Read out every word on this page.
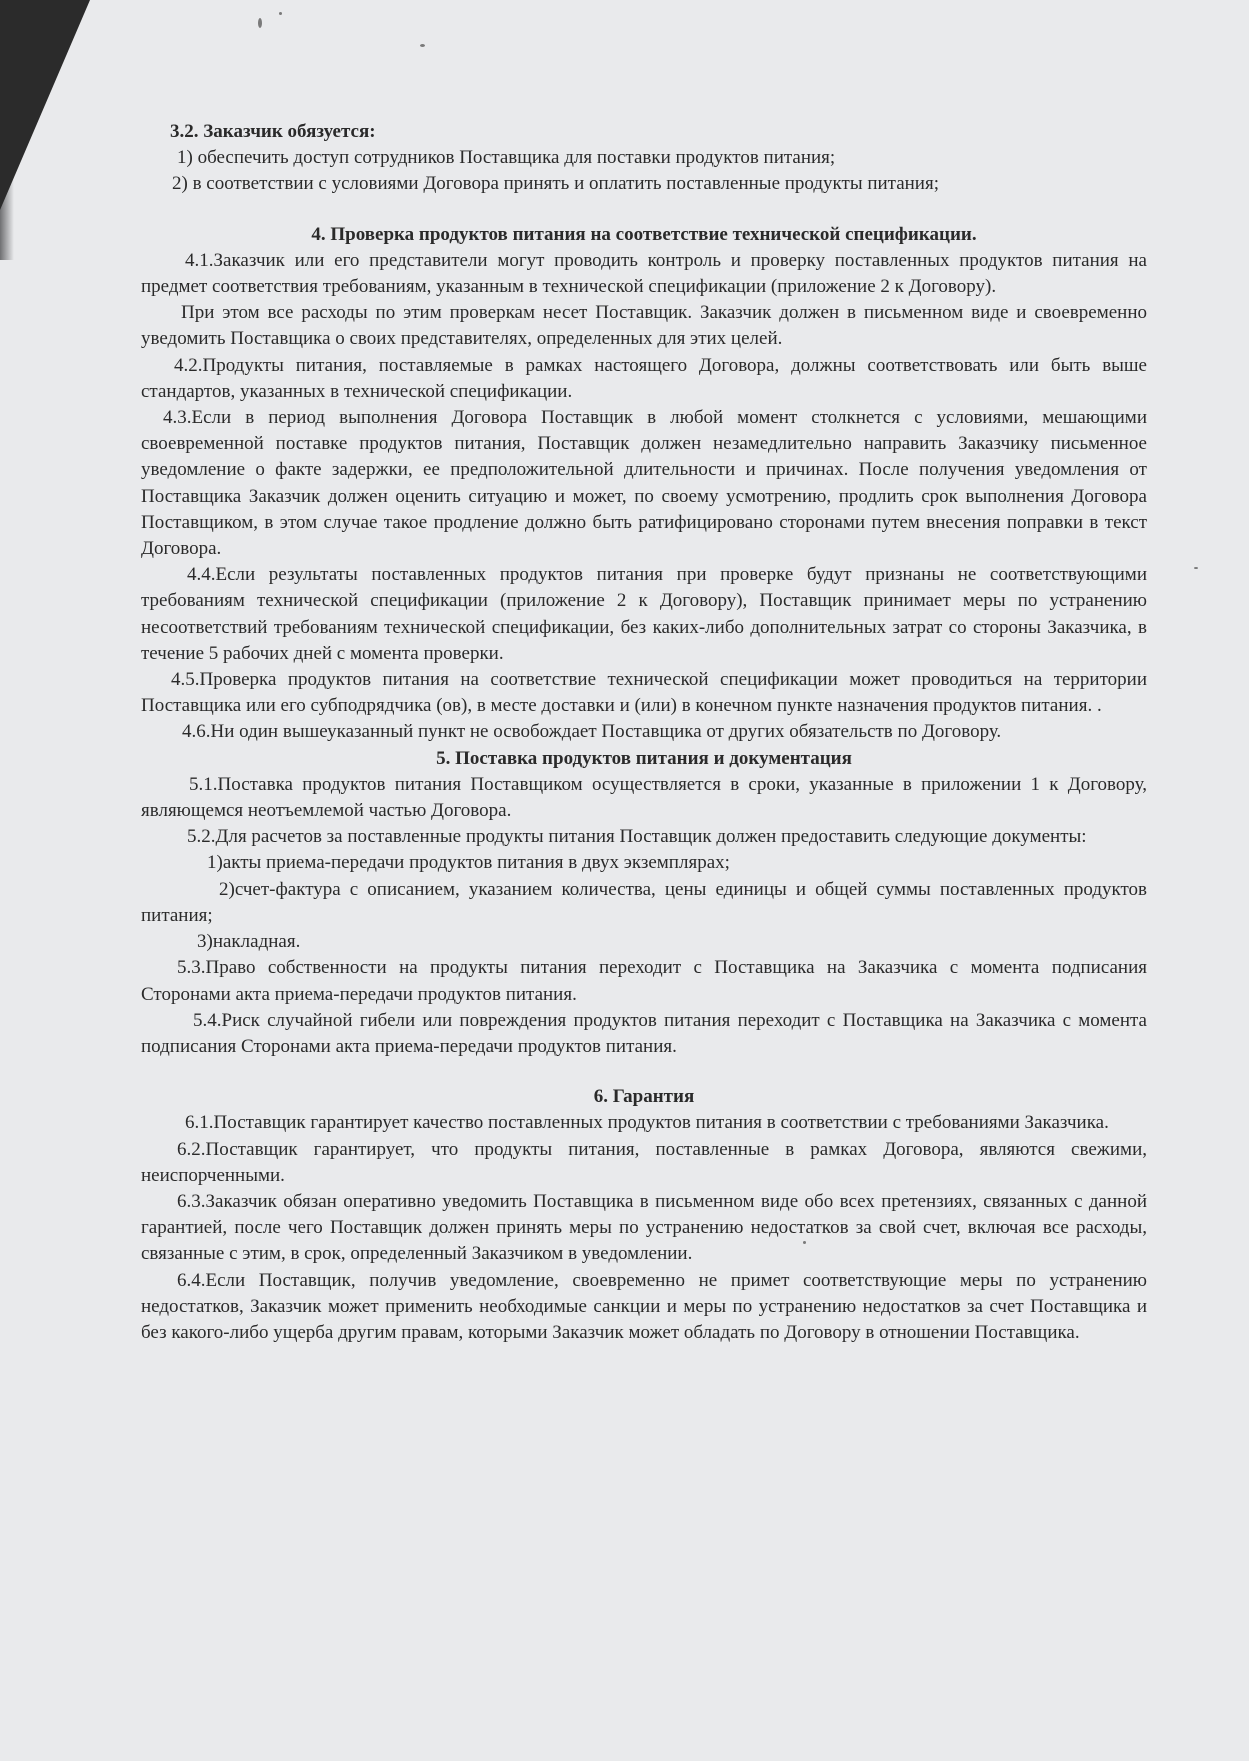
3.2. Заказчик обязуется:

1) обеспечить доступ сотрудников Поставщика для поставки продуктов питания;

2) в соответствии с условиями Договора принять и оплатить поставленные продукты питания;

4. Проверка продуктов питания на соответствие технической спецификации.

4.1.Заказчик или его представители могут проводить контроль и проверку поставленных продуктов питания на предмет соответствия требованиям, указанным в технической спецификации (приложение 2 к Договору).

При этом все расходы по этим проверкам несет Поставщик. Заказчик должен в письменном виде и своевременно уведомить Поставщика о своих представителях, определенных для этих целей.

4.2.Продукты питания, поставляемые в рамках настоящего Договора, должны соответствовать или быть выше стандартов, указанных в технической спецификации.

4.3.Если в период выполнения Договора Поставщик в любой момент столкнется с условиями, мешающими своевременной поставке продуктов питания, Поставщик должен незамедлительно направить Заказчику письменное уведомление о факте задержки, ее предположительной длительности и причинах. После получения уведомления от Поставщика Заказчик должен оценить ситуацию и может, по своему усмотрению, продлить срок выполнения Договора Поставщиком, в этом случае такое продление должно быть ратифицировано сторонами путем внесения поправки в текст Договора.

4.4.Если результаты поставленных продуктов питания при проверке будут признаны не соответствующими требованиям технической спецификации (приложение 2 к Договору), Поставщик принимает меры по устранению несоответствий требованиям технической спецификации, без каких-либо дополнительных затрат со стороны Заказчика, в течение 5 рабочих дней с момента проверки.

4.5.Проверка продуктов питания на соответствие технической спецификации может проводиться на территории Поставщика или его субподрядчика (ов), в месте доставки и (или) в конечном пункте назначения продуктов питания. .

4.6.Ни один вышеуказанный пункт не освобождает Поставщика от других обязательств по Договору.

5. Поставка продуктов питания и документация

5.1.Поставка продуктов питания Поставщиком осуществляется в сроки, указанные в приложении 1 к Договору, являющемся неотъемлемой частью Договора.

5.2.Для расчетов за поставленные продукты питания Поставщик должен предоставить следующие документы:

1)акты приема-передачи продуктов питания в двух экземплярах;

2)счет-фактура с описанием, указанием количества, цены единицы и общей суммы поставленных продуктов питания;

3)накладная.

5.3.Право собственности на продукты питания переходит с Поставщика на Заказчика с момента подписания Сторонами акта приема-передачи продуктов питания.

5.4.Риск случайной гибели или повреждения продуктов питания переходит с Поставщика на Заказчика с момента подписания Сторонами акта приема-передачи продуктов питания.

6. Гарантия

6.1.Поставщик гарантирует качество поставленных продуктов питания в соответствии с требованиями Заказчика.

6.2.Поставщик гарантирует, что продукты питания, поставленные в рамках Договора, являются свежими, неиспорченными.

6.3.Заказчик обязан оперативно уведомить Поставщика в письменном виде обо всех претензиях, связанных с данной гарантией, после чего Поставщик должен принять меры по устранению недостатков за свой счет, включая все расходы, связанные с этим, в срок, определенный Заказчиком в уведомлении.

6.4.Если Поставщик, получив уведомление, своевременно не примет соответствующие меры по устранению недостатков, Заказчик может применить необходимые санкции и меры по устранению недостатков за счет Поставщика и без какого-либо ущерба другим правам, которыми Заказчик может обладать по Договору в отношении Поставщика.
